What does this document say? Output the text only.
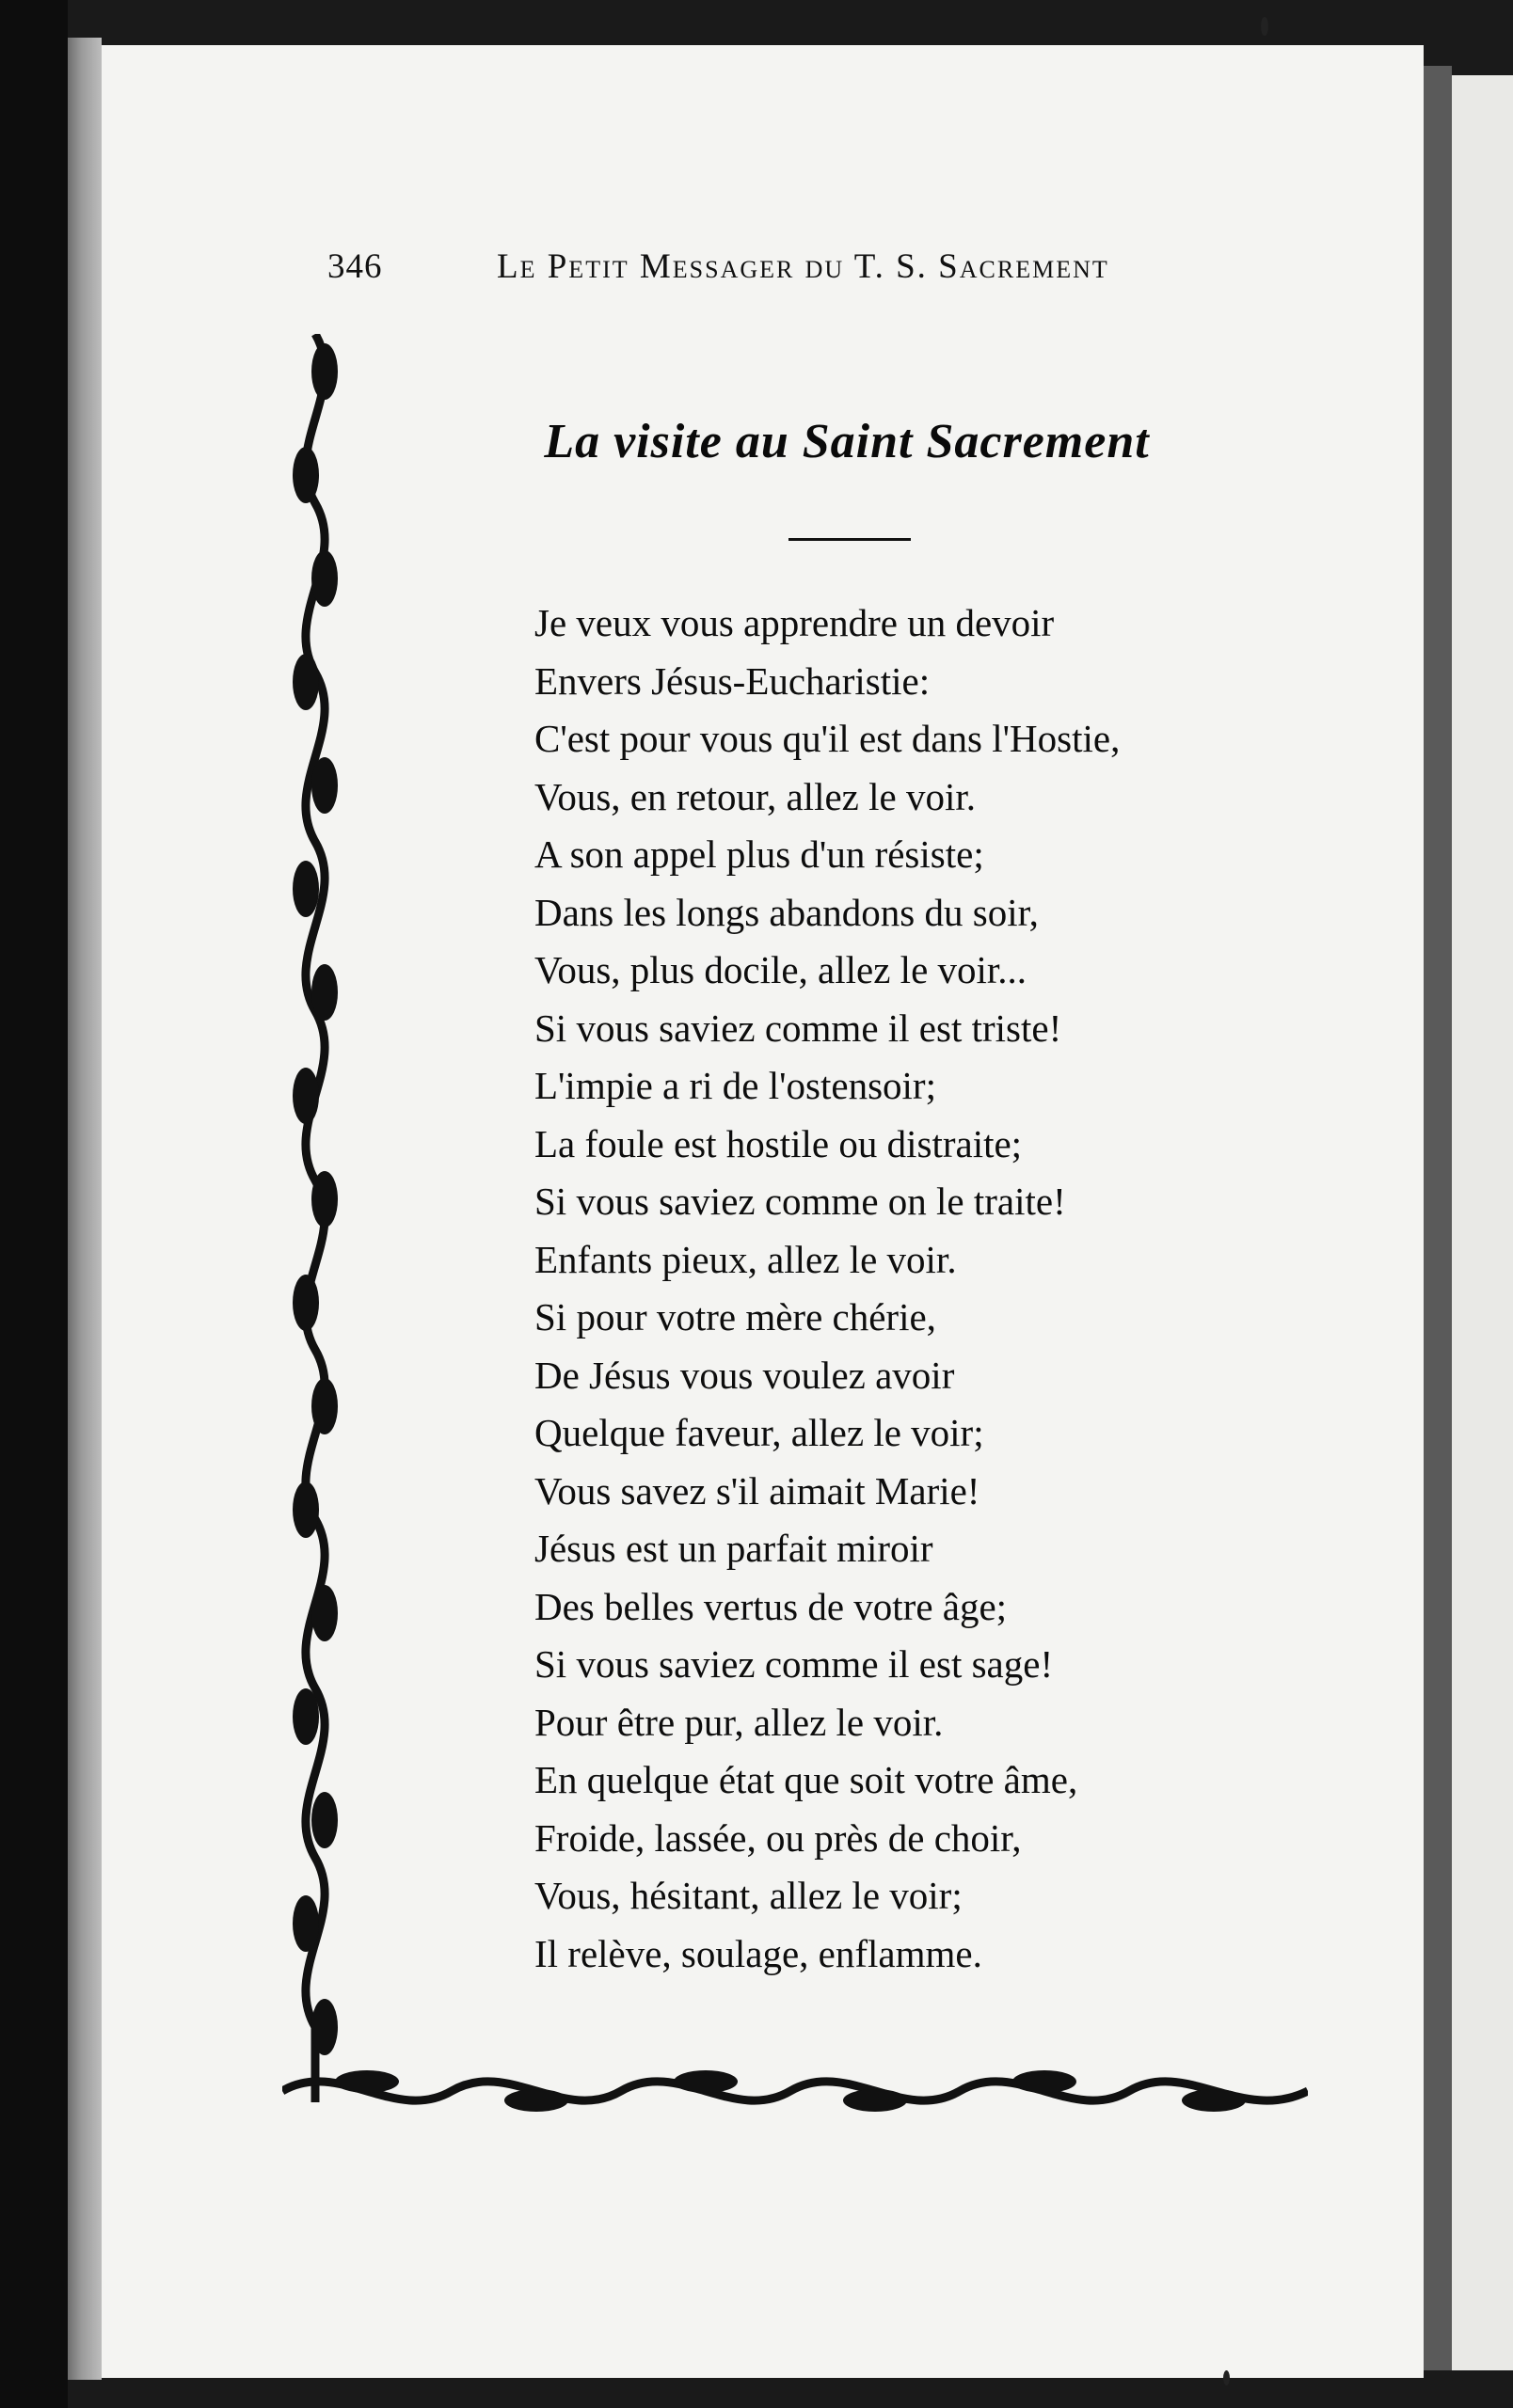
346	Le Petit Messager du T. S. Sacrement
La visite au Saint Sacrement
Je veux vous apprendre un devoir
Envers Jésus-Eucharistie:
C'est pour vous qu'il est dans l'Hostie,
Vous, en retour, allez le voir.
A son appel plus d'un résiste;
Dans les longs abandons du soir,
Vous, plus docile, allez le voir...
Si vous saviez comme il est triste!
L'impie a ri de l'ostensoir;
La foule est hostile ou distraite;
Si vous saviez comme on le traite!
Enfants pieux, allez le voir.
Si pour votre mère chérie,
De Jésus vous voulez avoir
Quelque faveur, allez le voir;
Vous savez s'il aimait Marie!
Jésus est un parfait miroir
Des belles vertus de votre âge;
Si vous saviez comme il est sage!
Pour être pur, allez le voir.
En quelque état que soit votre âme,
Froide, lassée, ou près de choir,
Vous, hésitant, allez le voir;
Il relève, soulage, enflamme.
